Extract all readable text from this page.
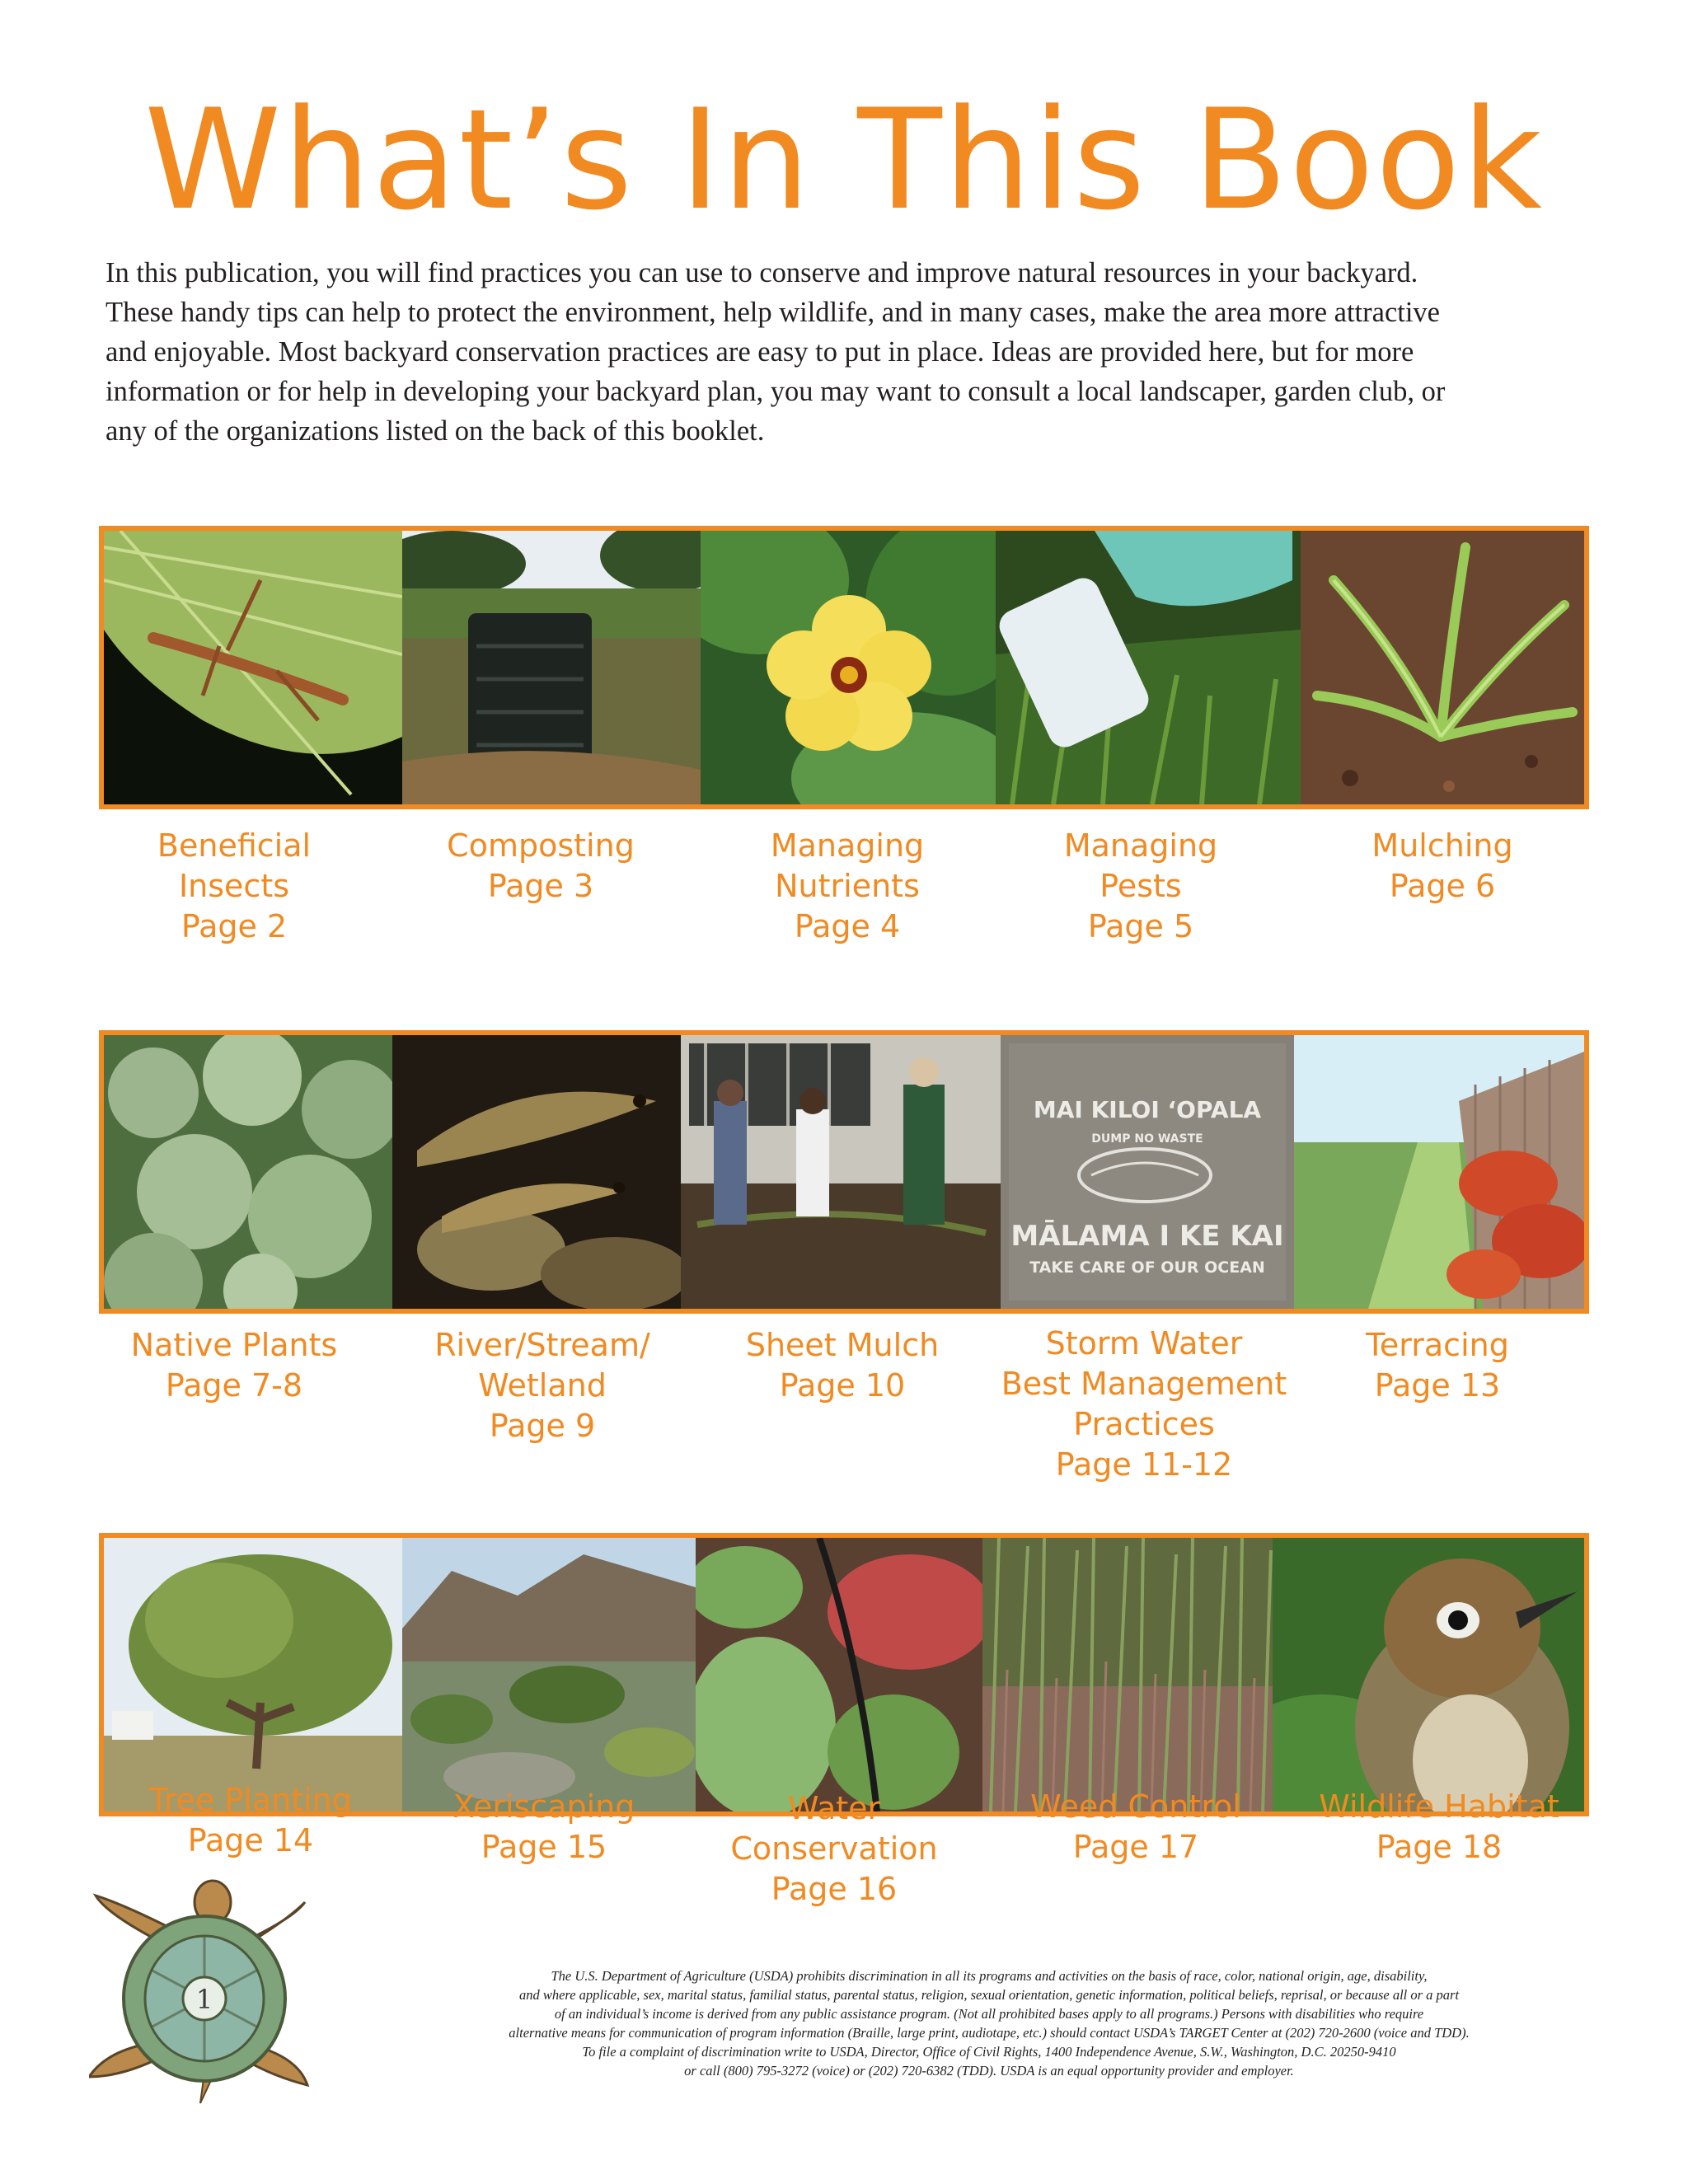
What’s In This Book
In this publication, you will find practices you can use to conserve and improve natural resources in your backyard.
These handy tips can help to protect the environment, help wildlife, and in many cases, make the area more attractive
and enjoyable. Most backyard conservation practices are easy to put in place. Ideas are provided here, but for more
information or for help in developing your backyard plan, you may want to consult a local landscaper, garden club, or
any of the organizations listed on the back of this booklet.
MAI KILOI ‘OPALA
DUMP NO WASTE
MĀLAMA I KE KAI
TAKE CARE OF OUR OCEAN
Beneficial
Insects
Page 2
Composting
Page 3
Managing
Nutrients
Page 4
Managing
Pests
Page 5
Mulching
Page 6
Native Plants
Page 7-8
River/Stream/
Wetland
Page 9
Sheet Mulch
Page 10
Storm Water
Best Management
Practices
Page 11-12
Terracing
Page 13
Tree Planting
Page 14
Xeriscaping
Page 15
Water
Conservation
Page 16
Weed Control
Page 17
Wildlife Habitat
Page 18
1
The U.S. Department of Agriculture (USDA) prohibits discrimination in all its programs and activities on the basis of race, color, national origin, age, disability,
and where applicable, sex, marital status, familial status, parental status, religion, sexual orientation, genetic information, political beliefs, reprisal, or because all or a part
of an individual’s income is derived from any public assistance program. (Not all prohibited bases apply to all programs.) Persons with disabilities who require
alternative means for communication of program information (Braille, large print, audiotape, etc.) should contact USDA’s TARGET Center at (202) 720-2600 (voice and TDD).
To file a complaint of discrimination write to USDA, Director, Office of Civil Rights, 1400 Independence Avenue, S.W., Washington, D.C. 20250-9410
or call (800) 795-3272 (voice) or (202) 720-6382 (TDD). USDA is an equal opportunity provider and employer.
